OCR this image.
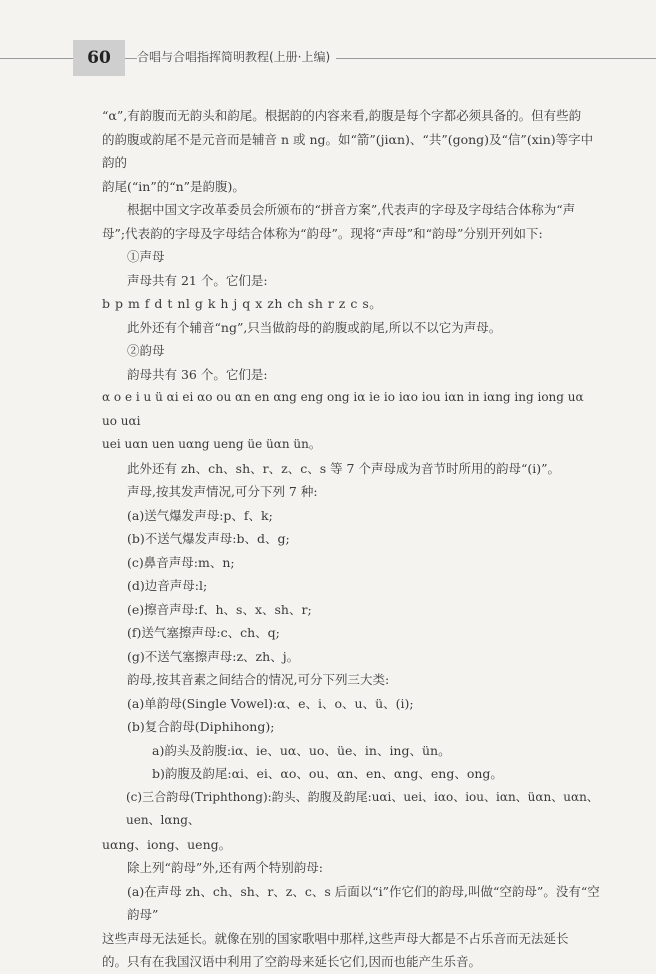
60	合唱与合唱指挥简明教程(上册·上编)

“α”,有韵腹而无韵头和韵尾。根据韵的内容来看,韵腹是每个字都必须具备的。但有些韵

的韵腹或韵尾不是元音而是辅音 n 或 ng。如“箭”(jiαn)、“共”(gong)及“信”(xin)等字中韵的

韵尾(“in”的“n”是韵腹)。

根据中国文字改革委员会所颁布的“拼音方案”,代表声的字母及字母结合体称为“声

母”;代表韵的字母及字母结合体称为“韵母”。现将“声母”和“韵母”分别开列如下:

①声母

声母共有 21 个。它们是:

b p m f d t nl g k h j q x zh ch sh r z c s。

此外还有个辅音“ng”,只当做韵母的韵腹或韵尾,所以不以它为声母。

②韵母

韵母共有 36 个。它们是:

α o e i u ü αi ei αo ou αn en αng eng ong iα ie io iαo iou iαn in iαng ing iong uα uo uαi

uei uαn uen uαng ueng üe üαn ün。

此外还有 zh、ch、sh、r、z、c、s 等 7 个声母成为音节时所用的韵母“(i)”。

声母,按其发声情况,可分下列 7 种:

(a)送气爆发声母:p、f、k;

(b)不送气爆发声母:b、d、g;

(c)鼻音声母:m、n;

(d)边音声母:l;

(e)擦音声母:f、h、s、x、sh、r;

(f)送气塞擦声母:c、ch、q;

(g)不送气塞擦声母:z、zh、j。

韵母,按其音素之间结合的情况,可分下列三大类:

(a)单韵母(Single Vowel):α、e、i、o、u、ü、(i);

(b)复合韵母(Diphihong);

a)韵头及韵腹:iα、ie、uα、uo、üe、in、ing、ün。

b)韵腹及韵尾:αi、ei、αo、ou、αn、en、αng、eng、ong。

(c)三合韵母(Triphthong):韵头、韵腹及韵尾:uαi、uei、iαo、iou、iαn、üαn、uαn、uen、lαng、

uαng、iong、ueng。

除上列“韵母”外,还有两个特别韵母:

(a)在声母 zh、ch、sh、r、z、c、s 后面以“i”作它们的韵母,叫做“空韵母”。没有“空韵母”

这些声母无法延长。就像在别的国家歌唱中那样,这些声母大都是不占乐音而无法延长

的。只有在我国汉语中利用了空韵母来延长它们,因而也能产生乐音。
